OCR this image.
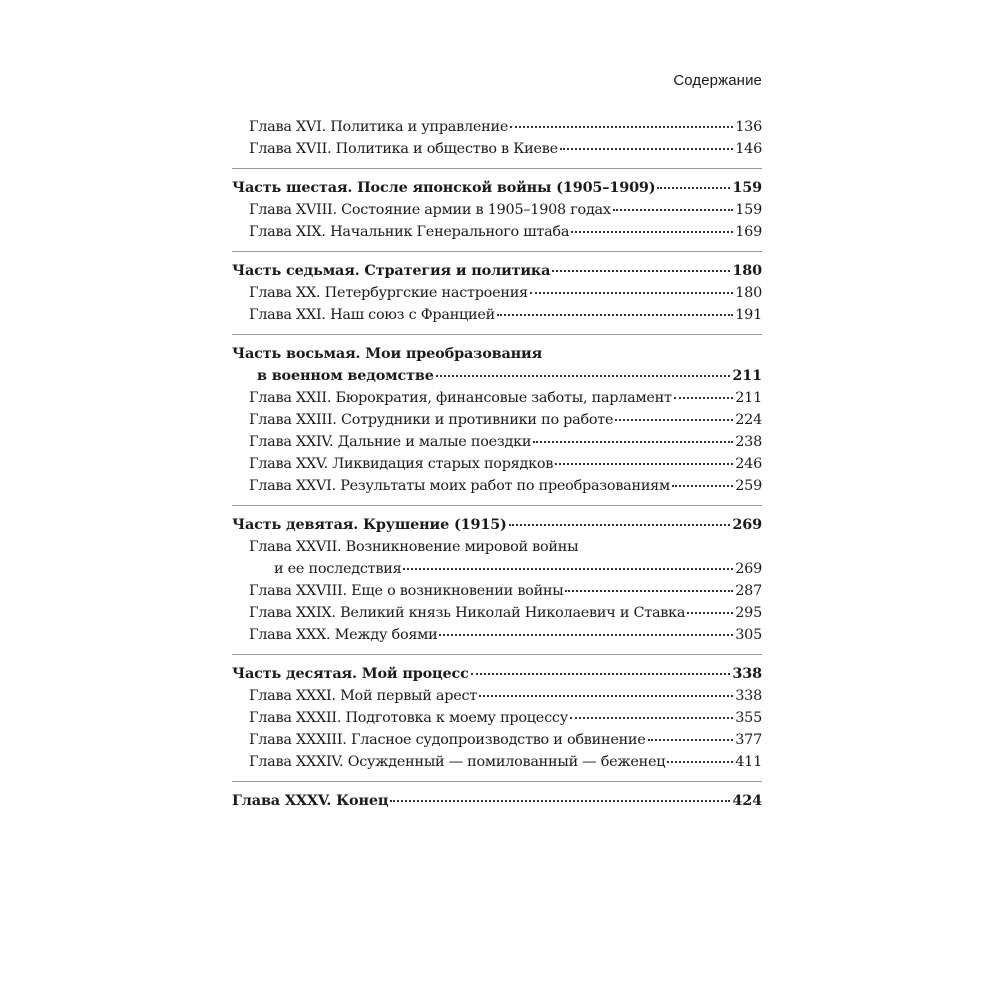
Содержание
Глава XVI. Политика и управление	136
Глава XVII. Политика и общество в Киеве	146
Часть шестая. После японской войны (1905–1909)	159
Глава XVIII. Состояние армии в 1905–1908 годах	159
Глава XIX. Начальник Генерального штаба	169
Часть седьмая. Стратегия и политика	180
Глава XX. Петербургские настроения	180
Глава XXI. Наш союз с Францией	191
Часть восьмая. Мои преобразования
в военном ведомстве	211
Глава XXII. Бюрократия, финансовые заботы, парламент	211
Глава XXIII. Сотрудники и противники по работе	224
Глава XXIV. Дальние и малые поездки	238
Глава XXV. Ликвидация старых порядков	246
Глава XXVI. Результаты моих работ по преобразованиям	259
Часть девятая. Крушение (1915)	269
Глава XXVII. Возникновение мировой войны
и ее последствия	269
Глава XXVIII. Еще о возникновении войны	287
Глава XXIX. Великий князь Николай Николаевич и Ставка	295
Глава XXX. Между боями	305
Часть десятая. Мой процесс	338
Глава XXXI. Мой первый арест	338
Глава XXXII. Подготовка к моему процессу	355
Глава XXXIII. Гласное судопроизводство и обвинение	377
Глава XXXIV. Осужденный — помилованный — беженец	411
Глава XXXV. Конец	424
